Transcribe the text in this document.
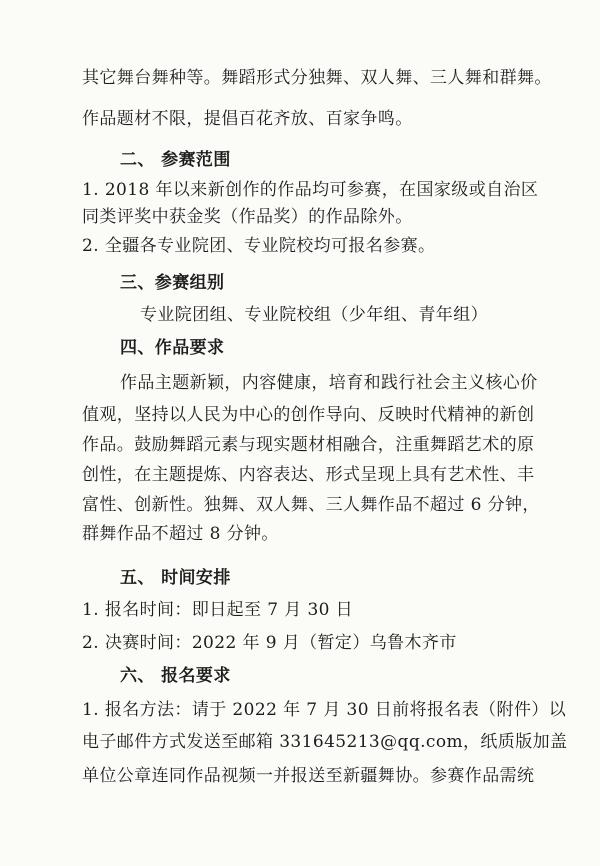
其它舞台舞种等。舞蹈形式分独舞、双人舞、三人舞和群舞。
作品题材不限，提倡百花齐放、百家争鸣。
二、 参赛范围
1. 2018 年以来新创作的作品均可参赛，在国家级或自治区
同类评奖中获金奖（作品奖）的作品除外。
2. 全疆各专业院团、专业院校均可报名参赛。
三、参赛组别
专业院团组、专业院校组（少年组、青年组）
四、作品要求
作品主题新颖，内容健康，培育和践行社会主义核心价
值观，坚持以人民为中心的创作导向、反映时代精神的新创
作品。鼓励舞蹈元素与现实题材相融合，注重舞蹈艺术的原
创性，在主题提炼、内容表达、形式呈现上具有艺术性、丰
富性、创新性。独舞、双人舞、三人舞作品不超过 6 分钟，
群舞作品不超过 8 分钟。
五、 时间安排
1. 报名时间：即日起至 7 月 30 日
2. 决赛时间：2022 年 9 月（暂定）乌鲁木齐市
六、 报名要求
1. 报名方法：请于 2022 年 7 月 30 日前将报名表（附件）以
电子邮件方式发送至邮箱 331645213@qq.com，纸质版加盖
单位公章连同作品视频一并报送至新疆舞协。参赛作品需统
